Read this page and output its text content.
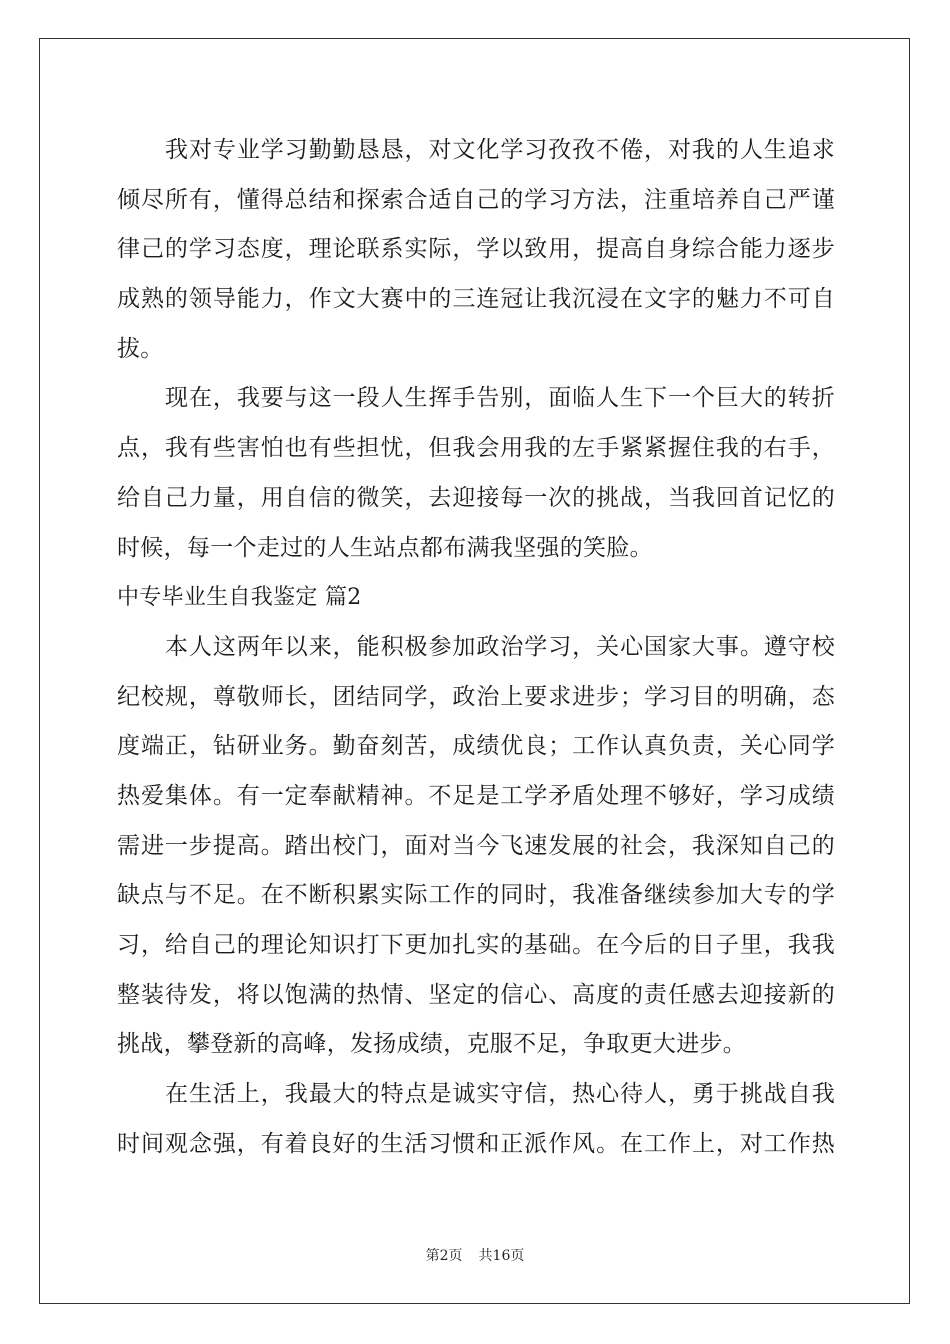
我对专业学习勤勤恳恳，对文化学习孜孜不倦，对我的人生追求
倾尽所有，懂得总结和探索合适自己的学习方法，注重培养自己严谨
律己的学习态度，理论联系实际，学以致用，提高自身综合能力逐步
成熟的领导能力，作文大赛中的三连冠让我沉浸在文字的魅力不可自
拔。
现在，我要与这一段人生挥手告别，面临人生下一个巨大的转折
点，我有些害怕也有些担忧，但我会用我的左手紧紧握住我的右手，
给自己力量，用自信的微笑，去迎接每一次的挑战，当我回首记忆的
时候，每一个走过的人生站点都布满我坚强的笑脸。
中专毕业生自我鉴定 篇2
本人这两年以来，能积极参加政治学习，关心国家大事。遵守校
纪校规，尊敬师长，团结同学，政治上要求进步；学习目的明确，态
度端正，钻研业务。勤奋刻苦，成绩优良；工作认真负责，关心同学
热爱集体。有一定奉献精神。不足是工学矛盾处理不够好，学习成绩
需进一步提高。踏出校门，面对当今飞速发展的社会，我深知自己的
缺点与不足。在不断积累实际工作的同时，我准备继续参加大专的学
习，给自己的理论知识打下更加扎实的基础。在今后的日子里，我我
整装待发，将以饱满的热情、坚定的信心、高度的责任感去迎接新的
挑战，攀登新的高峰，发扬成绩，克服不足，争取更大进步。
在生活上，我最大的特点是诚实守信，热心待人，勇于挑战自我
时间观念强，有着良好的生活习惯和正派作风。在工作上，对工作热
第2页 共16页
